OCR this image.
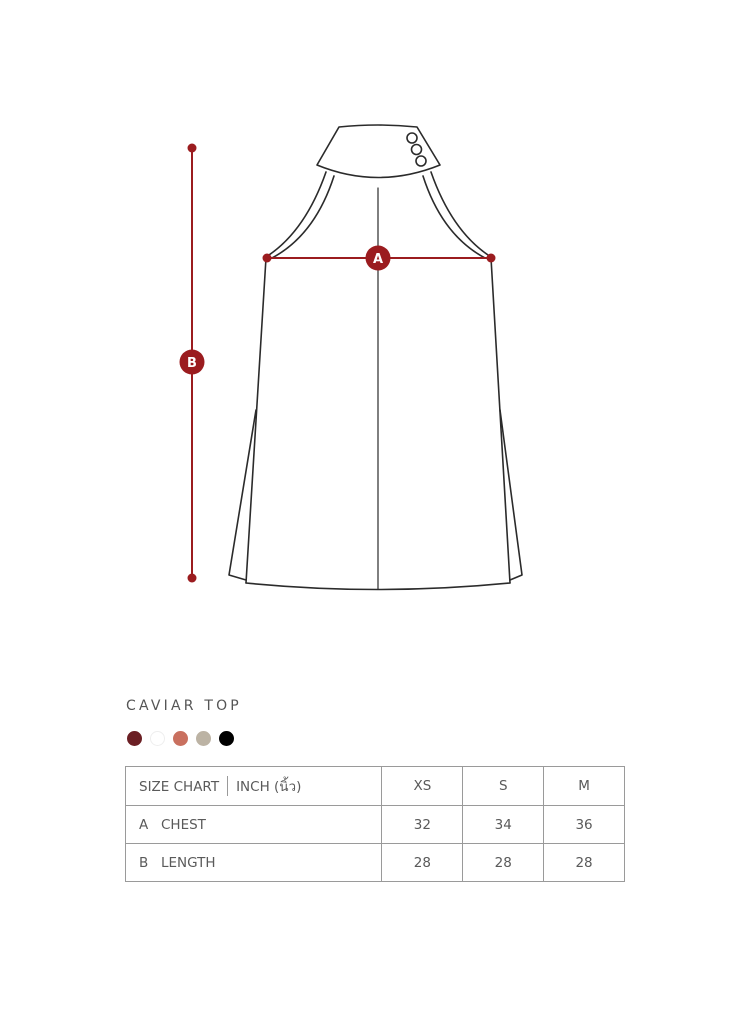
B
A
CAVIAR TOP
SIZE CHART INCH (นิ้ว)	XS	S	M
A CHEST	32	34	36
B LENGTH	28	28	28
